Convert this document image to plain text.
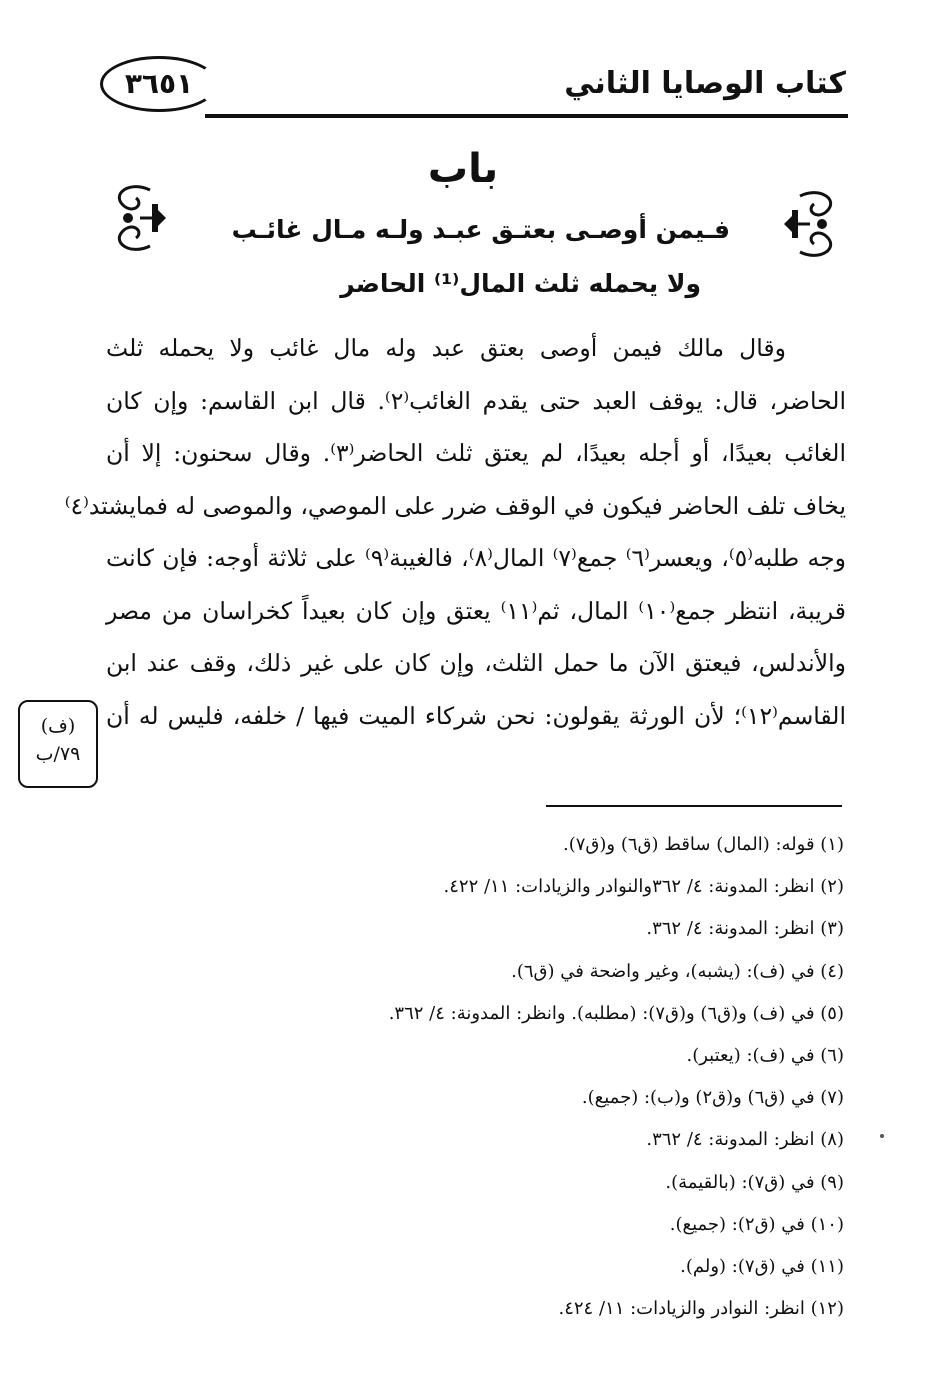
كتاب الوصايا الثاني
٣٦٥١
باب
فـيمن أوصـى بعتـق عبـد ولـه مـال غائـب
ولا يحمله ثلث المال⁽¹⁾ الحاضر
وقال مالك فيمن أوصى بعتق عبد وله مال غائب ولا يحمله ثلث
الحاضر، قال: يوقف العبد حتى يقدم الغائب⁽٢⁾. قال ابن القاسم: وإن كان
الغائب بعيدًا، أو أجله بعيدًا، لم يعتق ثلث الحاضر⁽٣⁾. وقال سحنون: إلا أن
يخاف تلف الحاضر فيكون في الوقف ضرر على الموصي، والموصى له فمايشتد⁽٤⁾
وجه طلبه⁽٥⁾، ويعسر⁽٦⁾ جمع⁽٧⁾ المال⁽٨⁾، فالغيبة⁽٩⁾ على ثلاثة أوجه: فإن كانت
قريبة، انتظر جمع⁽١٠⁾ المال، ثم⁽١١⁾ يعتق وإن كان بعيداً كخراسان من مصر
والأندلس، فيعتق الآن ما حمل الثلث، وإن كان على غير ذلك، وقف عند ابن
القاسم⁽١٢⁾؛ لأن الورثة يقولون: نحن شركاء الميت فيها / خلفه، فليس له أن
(ف)
٧٩/ب
(١) قوله: (المال) ساقط (ق٦) و(ق٧).
(٢) انظر: المدونة: ٤/ ٣٦٢والنوادر والزيادات: ١١/ ٤٢٢.
(٣) انظر: المدونة: ٤/ ٣٦٢.
(٤) في (ف): (يشبه)، وغير واضحة في (ق٦).
(٥) في (ف) و(ق٦) و(ق٧): (مطلبه). وانظر: المدونة: ٤/ ٣٦٢.
(٦) في (ف): (يعتبر).
(٧) في (ق٦) و(ق٢) و(ب): (جميع).
(٨) انظر: المدونة: ٤/ ٣٦٢.
(٩) في (ق٧): (بالقيمة).
(١٠) في (ق٢): (جميع).
(١١) في (ق٧): (ولم).
(١٢) انظر: النوادر والزيادات: ١١/ ٤٢٤.
